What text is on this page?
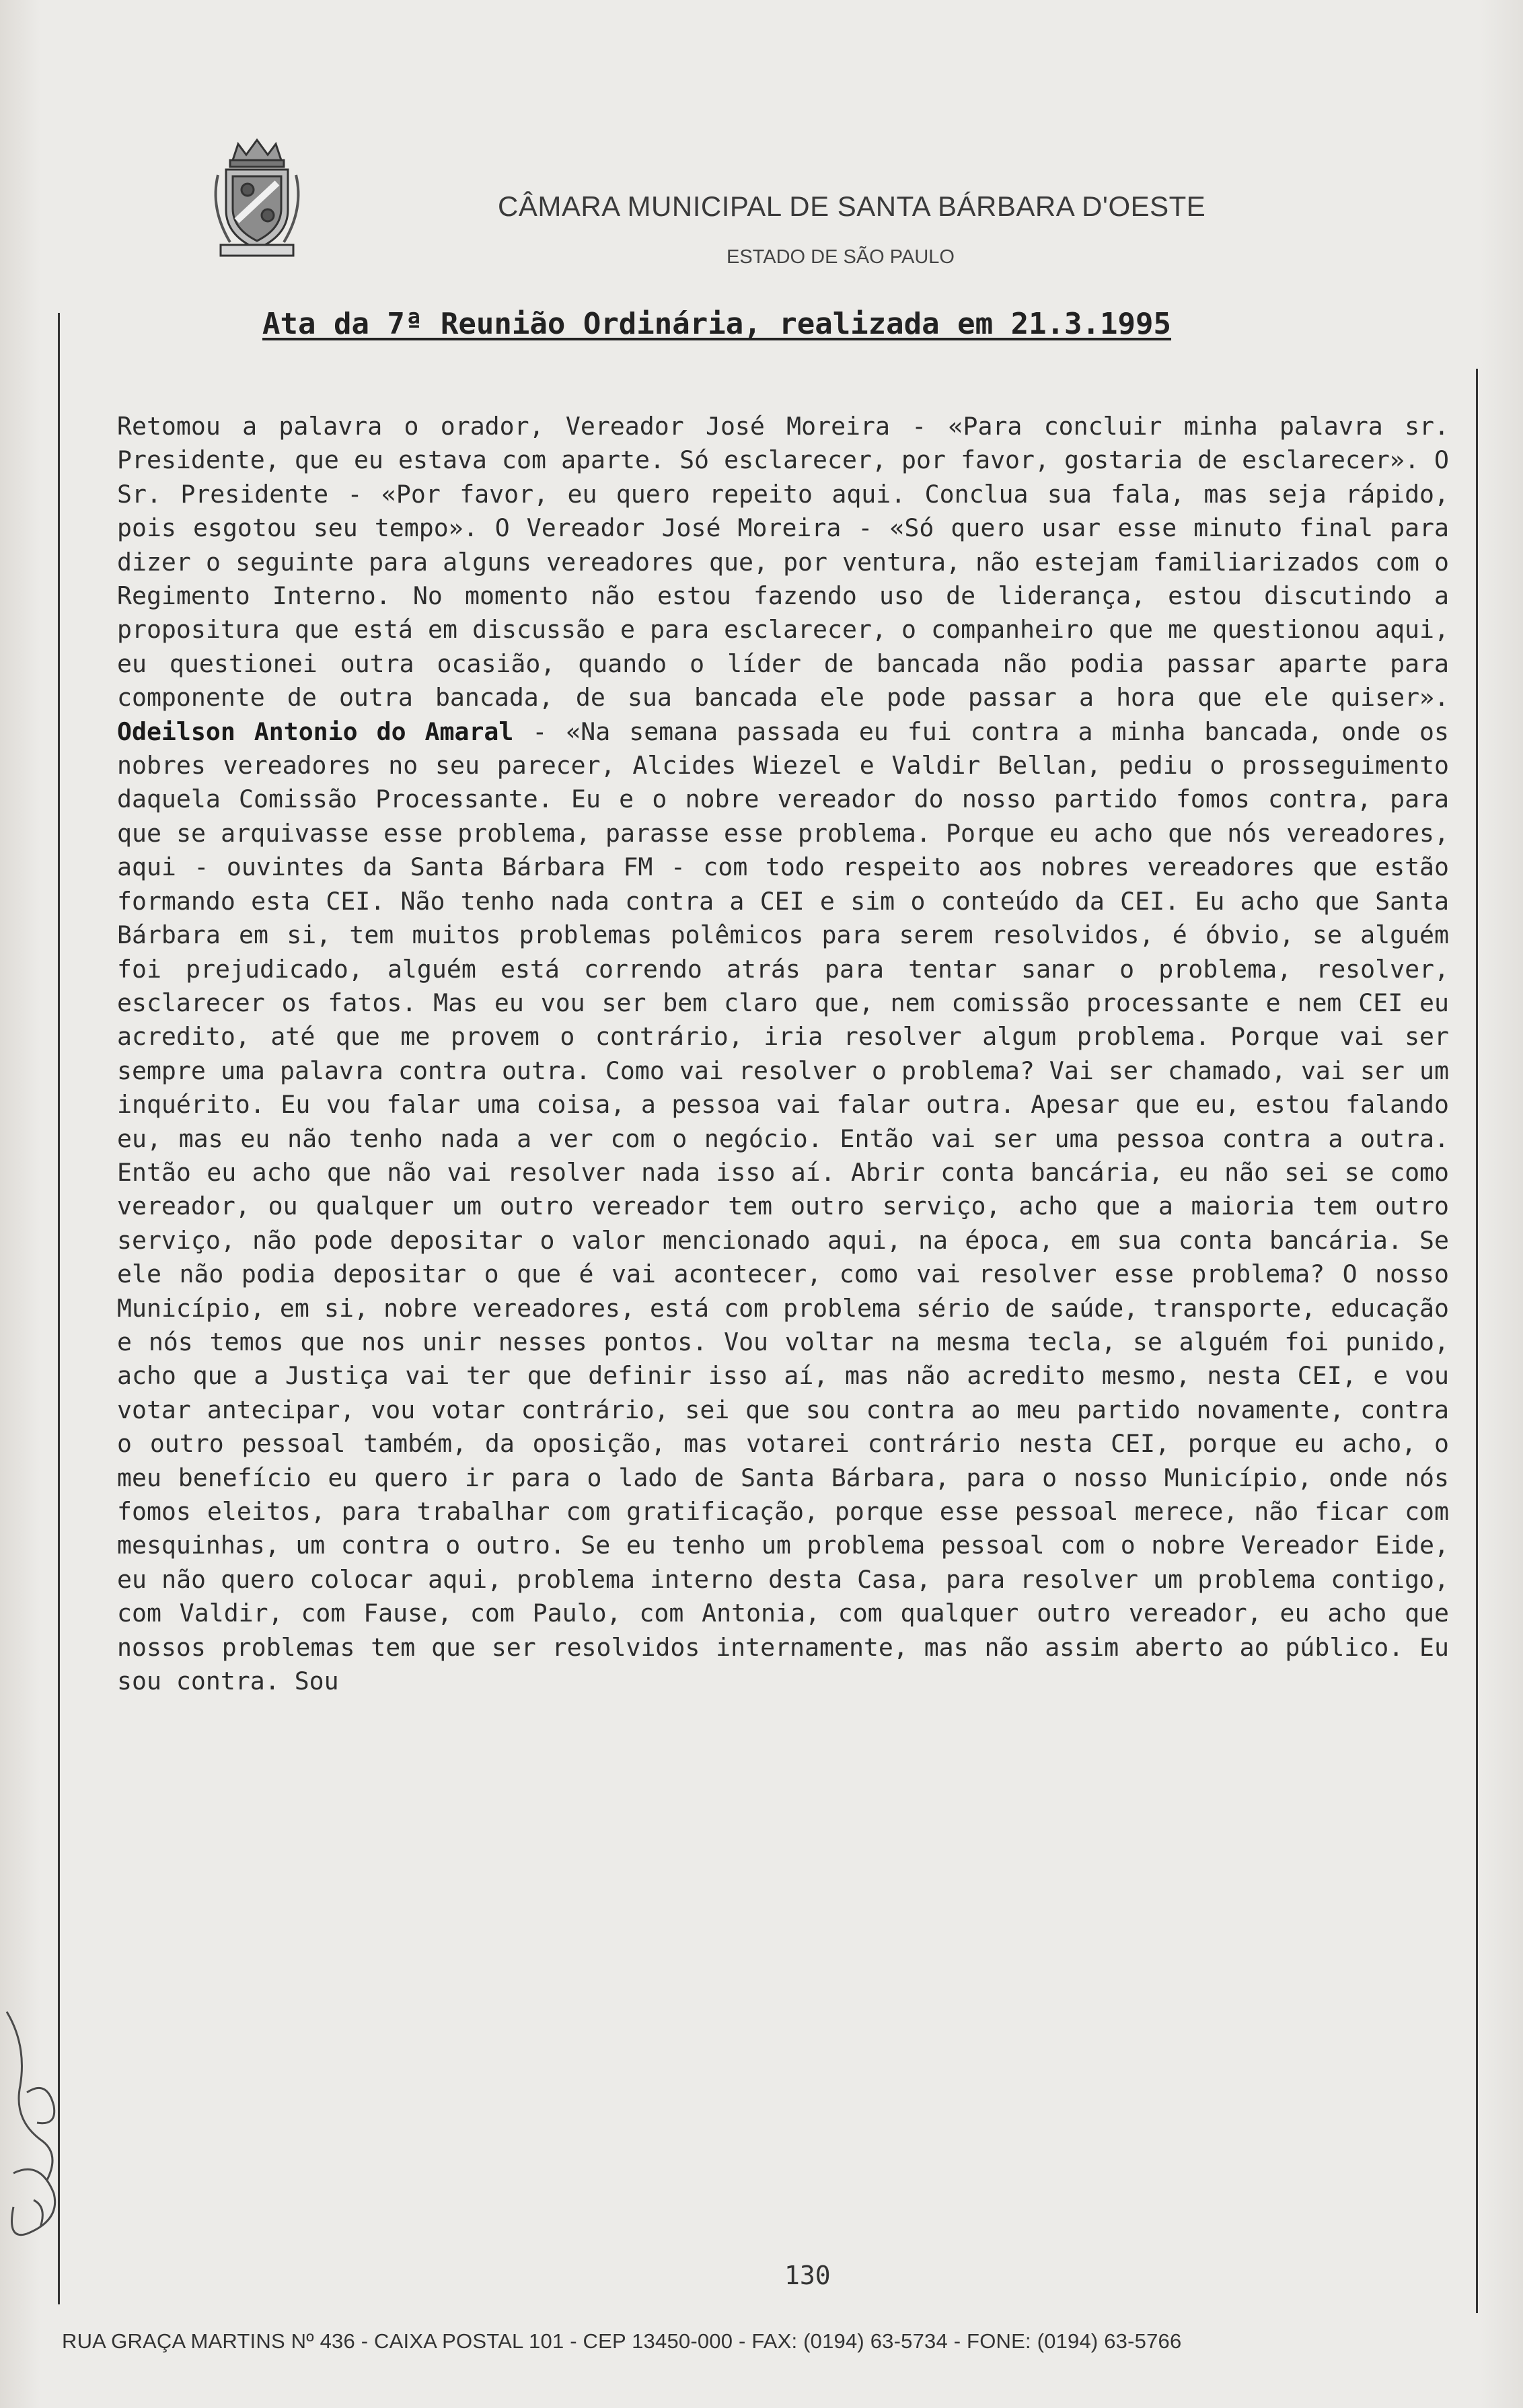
CÂMARA MUNICIPAL DE SANTA BÁRBARA D'OESTE
ESTADO DE SÃO PAULO
Ata da 7ª Reunião Ordinária, realizada em 21.3.1995
Retomou a palavra o orador, Vereador José Moreira - «Para concluir minha palavra sr. Presidente, que eu estava com aparte. Só esclarecer, por favor, gostaria de esclarecer». O Sr. Presidente - «Por favor, eu quero repeito aqui. Conclua sua fala, mas seja rápido, pois esgotou seu tempo». O Vereador José Moreira - «Só quero usar esse minuto final para dizer o seguinte para alguns vereadores que, por ventura, não estejam familiarizados com o Regimento Interno. No momento não estou fazendo uso de liderança, estou discutindo a propositura que está em discussão e para esclarecer, o companheiro que me questionou aqui, eu questionei outra ocasião, quando o líder de bancada não podia passar aparte para componente de outra bancada, de sua bancada ele pode passar a hora que ele quiser». Odeilson Antonio do Amaral - «Na semana passada eu fui contra a minha bancada, onde os nobres vereadores no seu parecer, Alcides Wiezel e Valdir Bellan, pediu o prosseguimento daquela Comissão Processante. Eu e o nobre vereador do nosso partido fomos contra, para que se arquivasse esse problema, parasse esse problema. Porque eu acho que nós vereadores, aqui - ouvintes da Santa Bárbara FM - com todo respeito aos nobres vereadores que estão formando esta CEI. Não tenho nada contra a CEI e sim o conteúdo da CEI. Eu acho que Santa Bárbara em si, tem muitos problemas polêmicos para serem resolvidos, é óbvio, se alguém foi prejudicado, alguém está correndo atrás para tentar sanar o problema, resolver, esclarecer os fatos. Mas eu vou ser bem claro que, nem comissão processante e nem CEI eu acredito, até que me provem o contrário, iria resolver algum problema. Porque vai ser sempre uma palavra contra outra. Como vai resolver o problema? Vai ser chamado, vai ser um inquérito. Eu vou falar uma coisa, a pessoa vai falar outra. Apesar que eu, estou falando eu, mas eu não tenho nada a ver com o negócio. Então vai ser uma pessoa contra a outra. Então eu acho que não vai resolver nada isso aí. Abrir conta bancária, eu não sei se como vereador, ou qualquer um outro vereador tem outro serviço, acho que a maioria tem outro serviço, não pode depositar o valor mencionado aqui, na época, em sua conta bancária. Se ele não podia depositar o que é vai acontecer, como vai resolver esse problema? O nosso Município, em si, nobre vereadores, está com problema sério de saúde, transporte, educação e nós temos que nos unir nesses pontos. Vou voltar na mesma tecla, se alguém foi punido, acho que a Justiça vai ter que definir isso aí, mas não acredito mesmo, nesta CEI, e vou votar antecipar, vou votar contrário, sei que sou contra ao meu partido novamente, contra o outro pessoal também, da oposição, mas votarei contrário nesta CEI, porque eu acho, o meu benefício eu quero ir para o lado de Santa Bárbara, para o nosso Município, onde nós fomos eleitos, para trabalhar com gratificação, porque esse pessoal merece, não ficar com mesquinhas, um contra o outro. Se eu tenho um problema pessoal com o nobre Vereador Eide, eu não quero colocar aqui, problema interno desta Casa, para resolver um problema contigo, com Valdir, com Fause, com Paulo, com Antonia, com qualquer outro vereador, eu acho que nossos problemas tem que ser resolvidos internamente, mas não assim aberto ao público. Eu sou contra. Sou
130
RUA GRAÇA MARTINS Nº 436 - CAIXA POSTAL 101 - CEP 13450-000 - FAX: (0194) 63-5734 - FONE: (0194) 63-5766
